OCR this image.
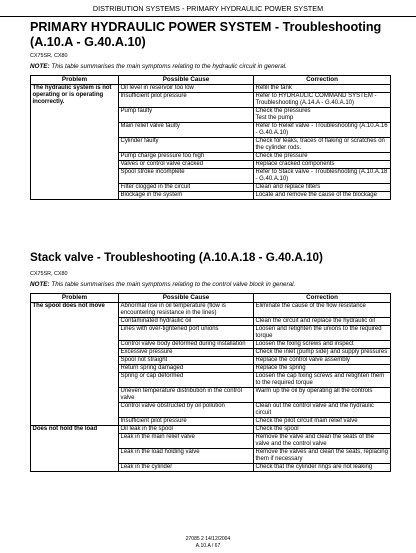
DISTRIBUTION SYSTEMS - PRIMARY HYDRAULIC POWER SYSTEM
PRIMARY HYDRAULIC POWER SYSTEM - Troubleshooting (A.10.A - G.40.A.10)
CX75SR, CX80
NOTE: This table summarises the main symptoms relating to the hydraulic circuit in general.
Problem	Possible Cause	Correction
The hydraulic system is not operating or is operating incorrectly.	Oil level in reservoir too low	Refill the tank
	Insufficient pilot pressure	Refer to HYDRAULIC COMMAND SYSTEM - Troubleshooting (A.14.A - G.40.A.10)
	Pump faulty	Check the pressures
Test the pump
	Main relief valve faulty	Refer to Relief valve - Troubleshooting (A.10.A.16 - G.40.A.10)
	Cylinder faulty	Check for leaks, traces of flaking or scratches on the cylinder rods.
	Pump charge pressure too high	Check the pressure
	Valves or control valve cracked	Replace cracked components
	Spool stroke incomplete	Refer to Stack valve - Troubleshooting (A.10.A.18 - G.40.A.10)
	Filter clogged in the circuit	Clean and replace filters
	Blockage in the system	Locate and remove the cause of the blockage
Stack valve - Troubleshooting (A.10.A.18 - G.40.A.10)
CX75SR, CX80
NOTE: This table summarises the main symptoms relating to the control valve block in general.
Problem	Possible Cause	Correction
The spool does not move	Abnormal rise in oil temperature (flow is encountering resistance in the lines)	Eliminate the cause of the flow resistance
	Contaminated hydraulic oil	Clean the circuit and replace the hydraulic oil
	Lines with over-tightened port unions	Loosen and retighten the unions to the required torque
	Control valve body deformed during installation	Loosen the fixing screws and inspect
	Excessive pressure	Check the inlet (pump side) and supply pressures
	Spool not straight	Replace the control valve assembly
	Return spring damaged	Replace the spring
	Spring or cap deformed	Loosen the cap fixing screws and retighten them to the required torque
	Uneven temperature distribution in the control valve	Warm up the oil by operating all the controls
	Control valve obstructed by oil pollution	Clean out the control valve and the hydraulic circuit
	Insufficient pilot pressure	Check the pilot circuit main relief valve
Does not hold the load	Oil leak in the spool	Check the spool
	Leak in the main relief valve	Remove the valve and clean the seats of the valve and the control valve
	Leak in the load holding valve	Remove the valves and clean the seats, replacing them if necessary
	Leak in the cylinder	Check that the cylinder rings are not leaking
27085 2 14/12/2004
A.10.A / 67
